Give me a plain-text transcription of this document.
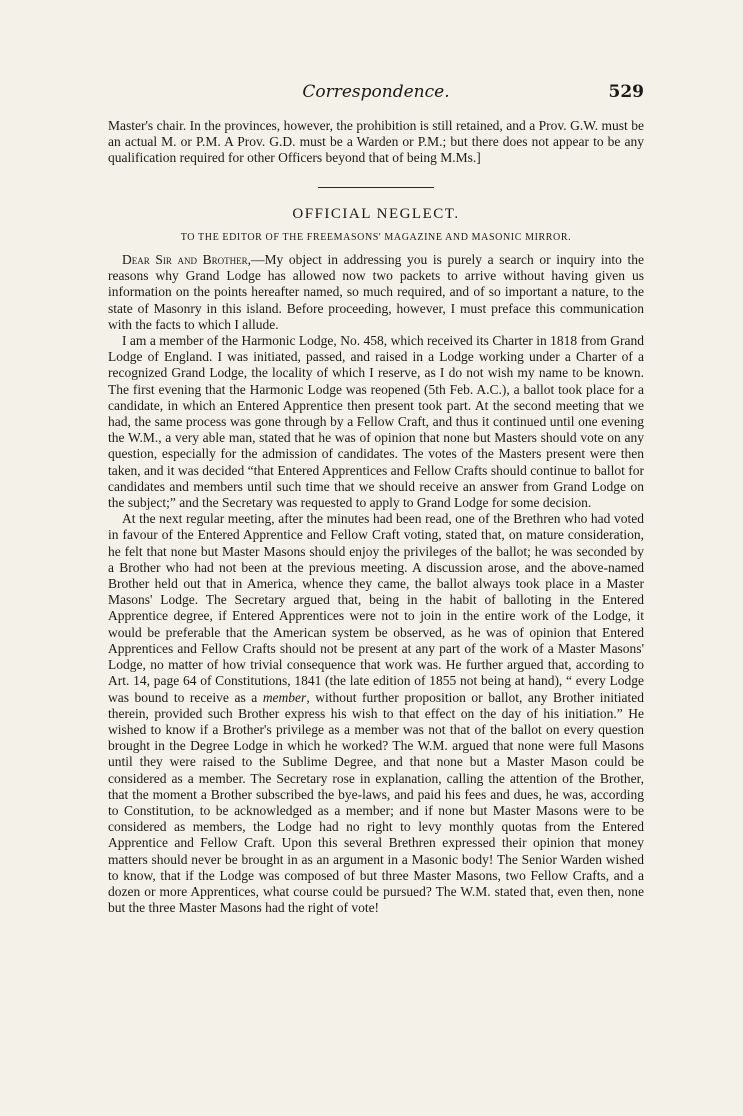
Correspondence.	529

Master's chair. In the provinces, however, the prohibition is still retained, and a Prov. G.W. must be an actual M. or P.M. A Prov. G.D. must be a Warden or P.M.; but there does not appear to be any qualification required for other Officers beyond that of being M.Ms.]

OFFICIAL NEGLECT.
TO THE EDITOR OF THE FREEMASONS' MAGAZINE AND MASONIC MIRROR.

Dear Sir and Brother,—My object in addressing you is purely a search or inquiry into the reasons why Grand Lodge has allowed now two packets to arrive without having given us information on the points hereafter named, so much required, and of so important a nature, to the state of Masonry in this island. Before proceeding, however, I must preface this communication with the facts to which I allude.

I am a member of the Harmonic Lodge, No. 458, which received its Charter in 1818 from Grand Lodge of England. I was initiated, passed, and raised in a Lodge working under a Charter of a recognized Grand Lodge, the locality of which I reserve, as I do not wish my name to be known. The first evening that the Harmonic Lodge was reopened (5th Feb. A.C.), a ballot took place for a candidate, in which an Entered Apprentice then present took part. At the second meeting that we had, the same process was gone through by a Fellow Craft, and thus it continued until one evening the W.M., a very able man, stated that he was of opinion that none but Masters should vote on any question, especially for the admission of candidates. The votes of the Masters present were then taken, and it was decided “that Entered Apprentices and Fellow Crafts should continue to ballot for candidates and members until such time that we should receive an answer from Grand Lodge on the subject;” and the Secretary was requested to apply to Grand Lodge for some decision.

At the next regular meeting, after the minutes had been read, one of the Brethren who had voted in favour of the Entered Apprentice and Fellow Craft voting, stated that, on mature consideration, he felt that none but Master Masons should enjoy the privileges of the ballot; he was seconded by a Brother who had not been at the previous meeting. A discussion arose, and the above-named Brother held out that in America, whence they came, the ballot always took place in a Master Masons' Lodge. The Secretary argued that, being in the habit of balloting in the Entered Apprentice degree, if Entered Apprentices were not to join in the entire work of the Lodge, it would be preferable that the American system be observed, as he was of opinion that Entered Apprentices and Fellow Crafts should not be present at any part of the work of a Master Masons' Lodge, no matter of how trivial consequence that work was. He further argued that, according to Art. 14, page 64 of Constitutions, 1841 (the late edition of 1855 not being at hand), “ every Lodge was bound to receive as a member, without further proposition or ballot, any Brother initiated therein, provided such Brother express his wish to that effect on the day of his initiation.” He wished to know if a Brother's privilege as a member was not that of the ballot on every question brought in the Degree Lodge in which he worked? The W.M. argued that none were full Masons until they were raised to the Sublime Degree, and that none but a Master Mason could be considered as a member. The Secretary rose in explanation, calling the attention of the Brother, that the moment a Brother subscribed the bye-laws, and paid his fees and dues, he was, according to Constitution, to be acknowledged as a member; and if none but Master Masons were to be considered as members, the Lodge had no right to levy monthly quotas from the Entered Apprentice and Fellow Craft. Upon this several Brethren expressed their opinion that money matters should never be brought in as an argument in a Masonic body! The Senior Warden wished to know, that if the Lodge was composed of but three Master Masons, two Fellow Crafts, and a dozen or more Apprentices, what course could be pursued? The W.M. stated that, even then, none but the three Master Masons had the right of vote!
